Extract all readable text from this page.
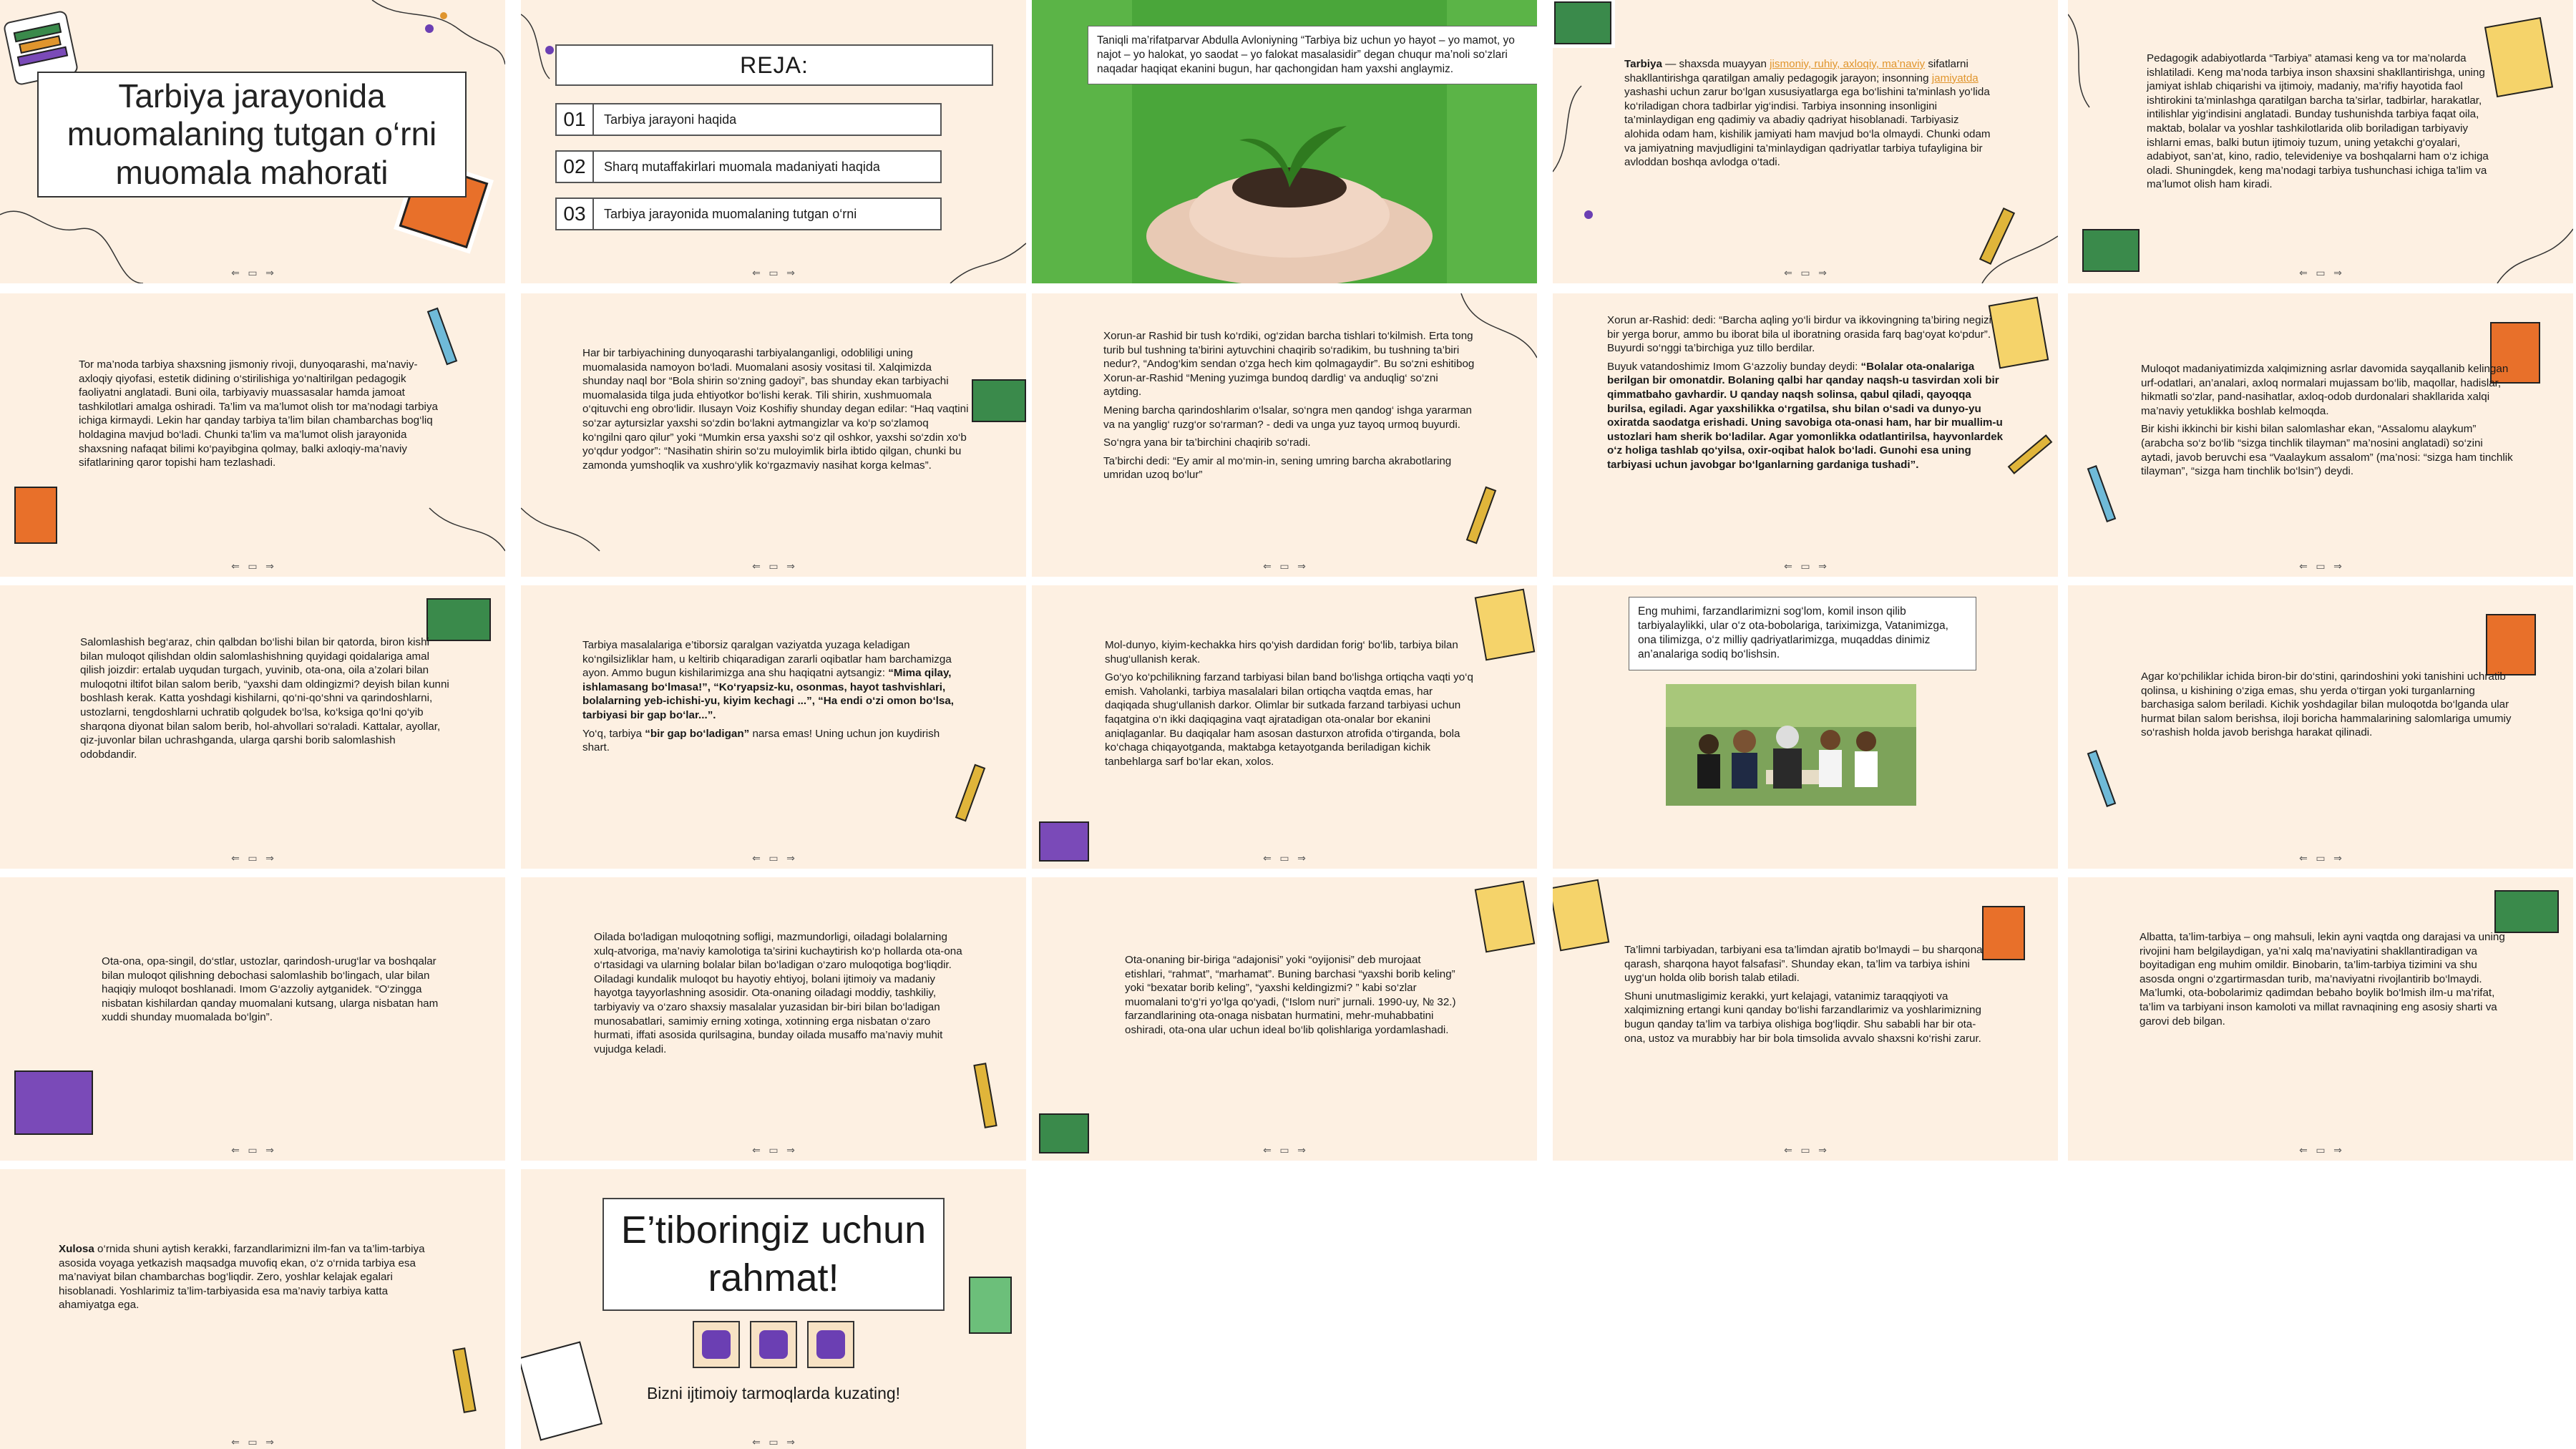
Tarbiya jarayonida muomalaning tutgan o‘rni muomala mahorati
⇐ ▭ ⇒
REJA:
01	Tarbiya jarayoni haqida
02	Sharq mutaffakirlari muomala madaniyati haqida
03	Tarbiya jarayonida muomalaning tutgan o‘rni
⇐ ▭ ⇒
Taniqli ma’rifatparvar Abdulla Avloniyning “Tarbiya biz uchun yo hayot – yo mamot, yo najot – yo halokat, yo saodat – yo falokat masalasidir” degan chuqur ma’noli so‘zlari naqadar haqiqat ekanini bugun, har qachongidan ham yaxshi anglaymiz.	Tarbiya — shaxsda muayyan jismoniy, ruhiy, axloqiy, ma’naviy sifatlarni shakllantirishga qaratilgan amaliy pedagogik jarayon; insonning jamiyatda yashashi uchun zarur bo‘lgan xususiyatlarga ega bo‘lishini ta’minlash yo‘lida ko‘riladigan chora tadbirlar yig‘indisi. Tarbiya insonning insonligini ta’minlaydigan eng qadimiy va abadiy qadriyat hisoblanadi. Tarbiyasiz alohida odam ham, kishilik jamiyati ham mavjud bo‘la olmaydi. Chunki odam va jamiyatning mavjudligini ta’minlaydigan qadriyatlar tarbiya tufayligina bir avloddan boshqa avlodga o‘tadi.

⇐ ▭ ⇒
Pedagogik adabiyotlarda “Tarbiya” atamasi keng va tor ma’nolarda ishlatiladi. Keng ma’noda tarbiya inson shaxsini shakllantirishga, uning jamiyat ishlab chiqarishi va ijtimoiy, madaniy, ma’rifiy hayotida faol ishtirokini ta’minlashga qaratilgan barcha ta’sirlar, tadbirlar, harakatlar, intilishlar yig‘indisini anglatadi. Bunday tushunishda tarbiya faqat oila, maktab, bolalar va yoshlar tashkilotlarida olib boriladigan tarbiyaviy ishlarni emas, balki butun ijtimoiy tuzum, uning yetakchi g‘oyalari, adabiyot, san’at, kino, radio, televideniye va boshqalarni ham o‘z ichiga oladi. Shuningdek, keng ma’nodagi tarbiya tushunchasi ichiga ta’lim va ma’lumot olish ham kiradi.
⇐ ▭ ⇒
Tor ma’noda tarbiya shaxsning jismoniy rivoji, dunyoqarashi, ma’naviy-axloqiy qiyofasi, estetik didining o‘stirilishiga yo‘naltirilgan pedagogik faoliyatni anglatadi. Buni oila, tarbiyaviy muassasalar hamda jamoat tashkilotlari amalga oshiradi. Ta’lim va ma’lumot olish tor ma’nodagi tarbiya ichiga kirmaydi. Lekin har qanday tarbiya ta’lim bilan chambarchas bog‘liq holdagina mavjud bo‘ladi. Chunki ta’lim va ma’lumot olish jarayonida shaxsning nafaqat bilimi ko‘payibgina qolmay, balki axloqiy-ma’naviy sifatlarining qaror topishi ham tezlashadi.
⇐ ▭ ⇒
Har bir tarbiyachining dunyoqarashi tarbiyalanganligi, odobliligi uning muomalasida namoyon bo‘ladi. Muomalani asosiy vositasi til. Xalqimizda shunday naql bor “Bola shirin so‘zning gadoyi”, bas shunday ekan tarbiyachi muomalasida tilga juda ehtiyotkor bo‘lishi kerak. Tili shirin, xushmuomala o‘qituvchi eng obro‘lidir. Ilusayn Voiz Koshifiy shunday degan edilar: “Haq vaqtini so‘zar aytursizlar yaxshi so‘zdin bo‘lakni aytmangizlar va ko‘p so‘zlamoq ko‘ngilni qaro qilur” yoki “Mumkin ersa yaxshi so‘z qil oshkor, yaxshi so‘zdin xo‘b yo‘qdur yodgor”: “Nasihatin shirin so‘zu muloyimlik birla ibtido qilgan, chunki bu zamonda yumshoqlik va xushro‘ylik ko‘rgazmaviy nasihat korga kelmas”.
⇐ ▭ ⇒

Xorun-ar Rashid bir tush ko‘rdiki, og‘zidan barcha tishlari to‘kilmish. Erta tong turib bul tushning ta’birini aytuvchini chaqirib so‘radikim, bu tushning ta’biri nedur?, “Andog‘kim sendan o‘zga hech kim qolmagaydir”. Bu so‘zni eshitibog Xorun-ar-Rashid “Mening yuzimga bundoq dardlig‘ va anduqlig‘ so‘zni aytding.

Mening barcha qarindoshlarim o‘lsalar, so‘ngra men qandog‘ ishga yararman va na yanglig‘ ruzg‘or so‘rarman? - dedi va unga yuz tayoq urmoq buyurdi.

So‘ngra yana bir ta’birchini chaqirib so‘radi.

Ta’birchi dedi: “Ey amir al mo‘min-in, sening umring barcha akrabotlaring umridan uzoq bo‘lur”

⇐ ▭ ⇒

Xorun ar-Rashid: dedi: “Barcha aqling yo‘li birdur va ikkovingning ta’biring negizi bir yerga borur, ammo bu iborat bila ul iboratning orasida farq bag‘oyat ko‘pdur”. Buyurdi so‘nggi ta’birchiga yuz tillo berdilar.

Buyuk vatandoshimiz Imom G‘azzoliy bunday deydi: “Bolalar ota-onalariga berilgan bir omonatdir. Bolaning qalbi har qanday naqsh-u tasvirdan xoli bir qimmatbaho gavhardir. U qanday naqsh solinsa, qabul qiladi, qayoqqa burilsa, egiladi. Agar yaxshilikka o‘rgatilsa, shu bilan o‘sadi va dunyo-yu oxiratda saodatga erishadi. Uning savobiga ota-onasi ham, har bir muallim-u ustozlari ham sherik bo‘ladilar. Agar yomonlikka odatlantirilsa, hayvonlardek o‘z holiga tashlab qo‘yilsa, oxir-oqibat halok bo‘ladi. Gunohi esa uning tarbiyasi uchun javobgar bo‘lganlarning gardaniga tushadi”.

⇐ ▭ ⇒

Muloqot madaniyatimizda xalqimizning asrlar davomida sayqallanib kelingan urf-odatlari, an’analari, axloq normalari mujassam bo‘lib, maqollar, hadislar, hikmatli so‘zlar, pand-nasihatlar, axloq-odob durdonalari shakllarida xalqi ma’naviy yetuklikka boshlab kelmoqda.

Bir kishi ikkinchi bir kishi bilan salomlashar ekan, “Assalomu alaykum” (arabcha so‘z bo‘lib “sizga tinchlik tilayman” ma’nosini anglatadi) so‘zini aytadi, javob beruvchi esa “Vaalaykum assalom” (ma’nosi: “sizga ham tinchlik tilayman”, “sizga ham tinchlik bo‘lsin”) deydi.

⇐ ▭ ⇒
Salomlashish beg‘araz, chin qalbdan bo‘lishi bilan bir qatorda, biron kishi bilan muloqot qilishdan oldin salomlashishning quyidagi qoidalariga amal qilish joizdir: ertalab uyqudan turgach, yuvinib, ota-ona, oila a’zolari bilan muloqotni iltifot bilan salom berib, “yaxshi dam oldingizmi? deyish bilan kunni boshlash kerak. Katta yoshdagi kishilarni, qo‘ni-qo‘shni va qarindoshlarni, ustozlarni, tengdoshlarni uchratib qolgudek bo‘lsa, ko‘ksiga qo‘lni qo‘yib sharqona diyonat bilan salom berib, hol-ahvollari so‘raladi. Kattalar, ayollar, qiz-juvonlar bilan uchrashganda, ularga qarshi borib salomlashish odobdandir.
⇐ ▭ ⇒

Tarbiya masalalariga e’tiborsiz qaralgan vaziyatda yuzaga keladigan ko‘ngilsizliklar ham, u keltirib chiqaradigan zararli oqibatlar ham barchamizga ayon. Ammo bugun kishilarimizga ana shu haqiqatni aytsangiz: “Mima qilay, ishlamasang bo‘lmasa!”, “Ko‘ryapsiz-ku, osonmas, hayot tashvishlari, bolalarning yeb-ichishi-yu, kiyim kechagi ...”, “Ha endi o‘zi omon bo‘lsa, tarbiyasi bir gap bo‘lar...”.

Yo‘q, tarbiya “bir gap bo‘ladigan” narsa emas! Uning uchun jon kuydirish shart.

⇐ ▭ ⇒

Mol-dunyo, kiyim-kechakka hirs qo‘yish dardidan forig‘ bo‘lib, tarbiya bilan shug‘ullanish kerak.

Go‘yo ko‘pchilikning farzand tarbiyasi bilan band bo‘lishga ortiqcha vaqti yo‘q emish. Vaholanki, tarbiya masalalari bilan ortiqcha vaqtda emas, har daqiqada shug‘ullanish darkor. Olimlar bir sutkada farzand tarbiyasi uchun faqatgina o‘n ikki daqiqagina vaqt ajratadigan ota-onalar bor ekanini aniqlaganlar. Bu daqiqalar ham asosan dasturxon atrofida o‘tirganda, bola ko‘chaga chiqayotganda, maktabga ketayotganda beriladigan kichik tanbehlarga sarf bo‘lar ekan, xolos.

⇐ ▭ ⇒
Eng muhimi, farzandlarimizni sog‘lom, komil inson qilib tarbiyalaylikki, ular o‘z ota-bobolariga, tariximizga, Vatanimizga, ona tilimizga, o‘z milliy qadriyatlarimizga, muqaddas dinimiz an’analariga sodiq bo‘lishsin.
Agar ko‘pchiliklar ichida biron-bir do‘stini, qarindoshini yoki tanishini uchratib qolinsa, u kishining o‘ziga emas, shu yerda o‘tirgan yoki turganlarning barchasiga salom beriladi. Kichik yoshdagilar bilan muloqotda bo‘lganda ular hurmat bilan salom berishsa, iloji boricha hammalarining salomlariga umumiy so‘rashish holda javob berishga harakat qilinadi.
⇐ ▭ ⇒
Ota-ona, opa-singil, do‘stlar, ustozlar, qarindosh-urug‘lar va boshqalar bilan muloqot qilishning debochasi salomlashib bo‘lingach, ular bilan haqiqiy muloqot boshlanadi. Imom G‘azzoliy aytganidek. “O‘zingga nisbatan kishilardan qanday muomalani kutsang, ularga nisbatan ham xuddi shunday muomalada bo‘lgin”.
⇐ ▭ ⇒
Oilada bo‘ladigan muloqotning sofligi, mazmundorligi, oiladagi bolalarning xulq-atvoriga, ma’naviy kamolotiga ta’sirini kuchaytirish ko‘p hollarda ota-ona o‘rtasidagi va ularning bolalar bilan bo‘ladigan o‘zaro muloqotiga bog‘liqdir. Oiladagi kundalik muloqot bu hayotiy ehtiyoj, bolani ijtimoiy va madaniy hayotga tayyorlashning asosidir. Ota-onaning oiladagi moddiy, tashkiliy, tarbiyaviy va o‘zaro shaxsiy masalalar yuzasidan bir-biri bilan bo‘ladigan munosabatlari, samimiy erning xotinga, xotinning erga nisbatan o‘zaro hurmati, iffati asosida qurilsagina, bunday oilada musaffo ma’naviy muhit vujudga keladi.
⇐ ▭ ⇒
Ota-onaning bir-biriga “adajonisi” yoki “oyijonisi” deb murojaat etishlari, “rahmat”, “marhamat”. Buning barchasi “yaxshi borib keling” yoki “bexatar borib keling”, “yaxshi keldingizmi? ” kabi so‘zlar muomalani to‘g‘ri yo‘lga qo‘yadi, (“Islom nuri” jurnali. 1990-uy, № 32.) farzandlarining ota-onaga nisbatan hurmatini, mehr-muhabbatini oshiradi, ota-ona ular uchun ideal bo‘lib qolishlariga yordamlashadi.
⇐ ▭ ⇒

Ta’limni tarbiyadan, tarbiyani esa ta’limdan ajratib bo‘lmaydi – bu sharqona qarash, sharqona hayot falsafasi”. Shunday ekan, ta’lim va tarbiya ishini uyg‘un holda olib borish talab etiladi.

Shuni unutmasligimiz kerakki, yurt kelajagi, vatanimiz taraqqiyoti va xalqimizning ertangi kuni qanday bo‘lishi farzandlarimiz va yoshlarimizning bugun qanday ta’lim va tarbiya olishiga bog‘liqdir. Shu sababli har bir ota-ona, ustoz va murabbiy har bir bola timsolida avvalo shaxsni ko‘rishi zarur.

⇐ ▭ ⇒
Albatta, ta’lim-tarbiya – ong mahsuli, lekin ayni vaqtda ong darajasi va uning rivojini ham belgilaydigan, ya’ni xalq ma’naviyatini shakllantiradigan va boyitadigan eng muhim omildir. Binobarin, ta’lim-tarbiya tizimini va shu asosda ongni o‘zgartirmasdan turib, ma’naviyatni rivojlantirib bo‘lmaydi. Ma’lumki, ota-bobolarimiz qadimdan bebaho boylik bo‘lmish ilm-u ma’rifat, ta’lim va tarbiyani inson kamoloti va millat ravnaqining eng asosiy sharti va garovi deb bilgan.
⇐ ▭ ⇒

Xulosa o‘rnida shuni aytish kerakki, farzandlarimizni ilm-fan va ta’lim-tarbiya asosida voyaga yetkazish maqsadga muvofiq ekan, o‘z o‘rnida tarbiya esa ma’naviyat bilan chambarchas bog‘liqdir. Zero, yoshlar kelajak egalari hisoblanadi. Yoshlarimiz ta’lim-tarbiyasida esa ma’naviy tarbiya katta ahamiyatga ega.

⇐ ▭ ⇒
E’tiboringiz uchun rahmat!
Bizni ijtimoiy tarmoqlarda kuzating!
⇐ ▭ ⇒
